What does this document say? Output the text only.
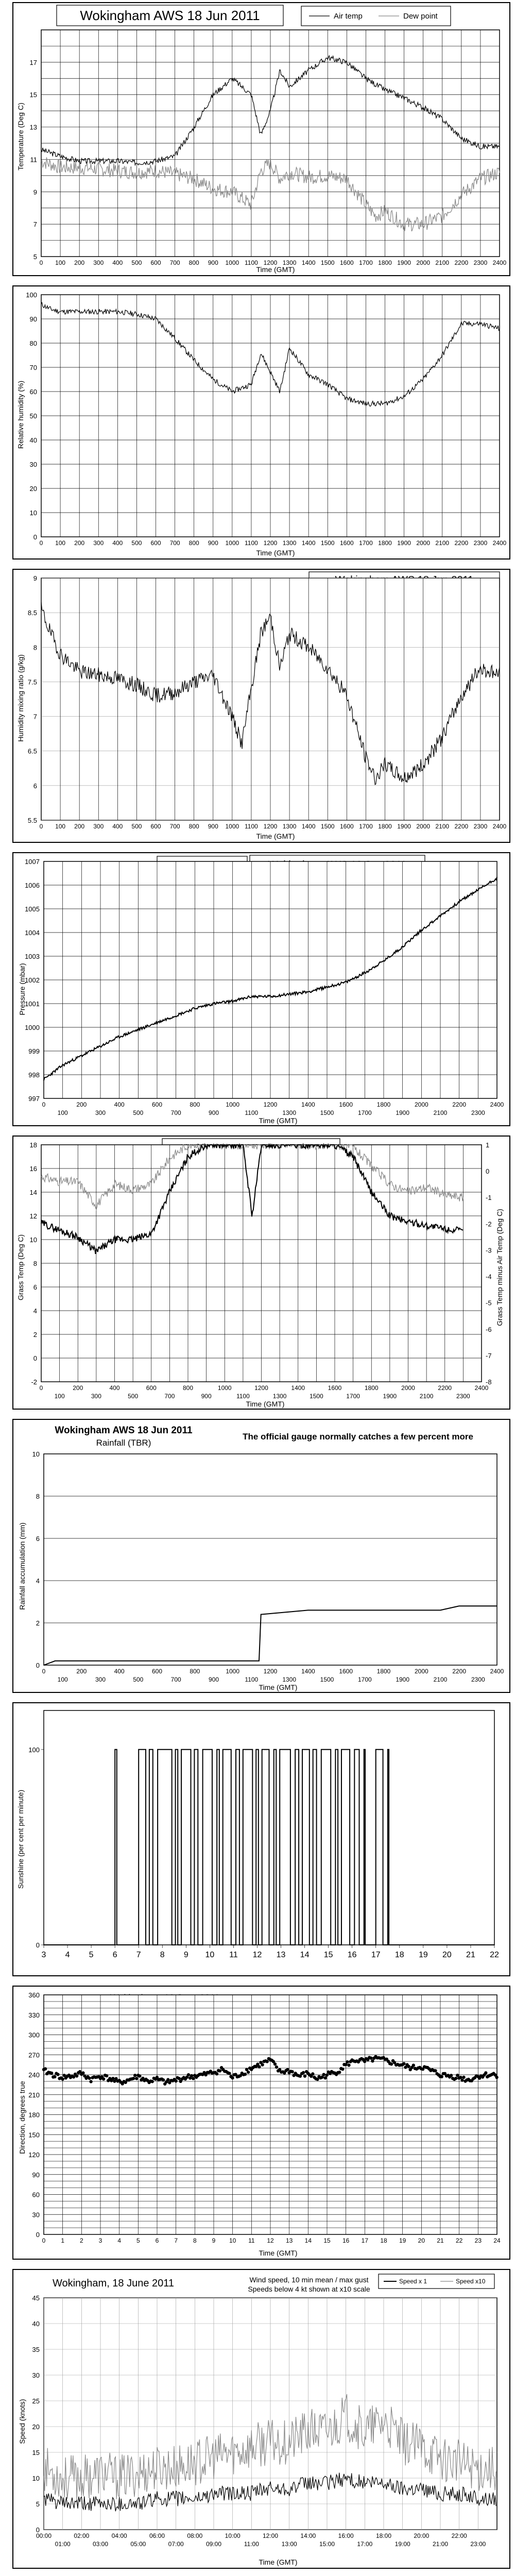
Wokingham AWS 18 Jun 2011	Air temp	Dew point
Temperature (Deg C)
Time (GMT)
5
7
9
11
13
15
17
0 100 200 300 400 500 600 700 800 900 1000 1100 1200 1300 1400 1500 1600 1700 1800 1900 2000 2100 2200 2300 2400
Relative humidity (%)
Time (GMT)
0
10
20
30
40
50
60
70
80
90
100
0 100 200 300 400 500 600 700 800 900 1000 1100 1200 1300 1400 1500 1600 1700 1800 1900 2000 2100 2200 2300 2400
Humidity mixing ratio (g/kg)
Time (GMT)
5.5
6
6.5
7
7.5
8
8.5
9
0 100 200 300 400 500 600 700 800 900 1000 1100 1200 1300 1400 1500 1600 1700 1800 1900 2000 2100 2200 2300 2400
Pressure (mbar)
Time (GMT)
997
998
999
1000
1001
1002
1003
1004
1005
1006
1007
0	200	400	600	800	1000	1200	1400	1600	1800	2000	2200	2400
100	300	500	700	900	1100	1300	1500	1700	1900	2100	2300
Grass Temp (Deg C)	Grass Temp minus Air Temp (Deg C)
Time (GMT)
-2
0
2
4
6
8
10
12
14
16
18
0	200	400	600	800	1000	1200	1400	1600	1800	2000	2200	2400
100	300	500	700	900	1100	1300	1500	1700	1900	2100	2300
1
0
-1
-2
-3
-4
-5
-6
-7
-8
Wokingham AWS 18 Jun 2011
Rainfall (TBR)
The official gauge normally catches a few percent more
Rainfall accumulation (mm)
Time (GMT)
0
2
4
6
8
10
0	200	400	600	800	1000	1200	1400	1600	1800	2000	2200	2400
100	300	500	700	900	1100	1300	1500	1700	1900	2100	2300
Sunshine (per cent per minute)
0
100
3 4 5 6 7 8 9 10 11 12 13 14 15 16 17 18 19 20 21 22
Direction, degrees true
Time (GMT)
0
30
60
90
120
150
180
210
240
270
300
330
360
0 1 2 3 4 5 6 7 8 9 10 11 12 13 14 15 16 17 18 19 20 21 22 23 24
Wokingham, 18 June 2011	Wind speed, 10 min mean / max gust
Speeds below 4 kt shown at x10 scale
Speed x 1	Speed x10
Speed (knots)
Time (GMT)
0
5
10
15
20
25
30
35
40
45
00:00
01:00
02:00
03:00
04:00
05:00
06:00
07:00
08:00
09:00
10:00
11:00
12:00
13:00
14:00
15:00
16:00
17:00
18:00
19:00
20:00
21:00
22:00
23:00
